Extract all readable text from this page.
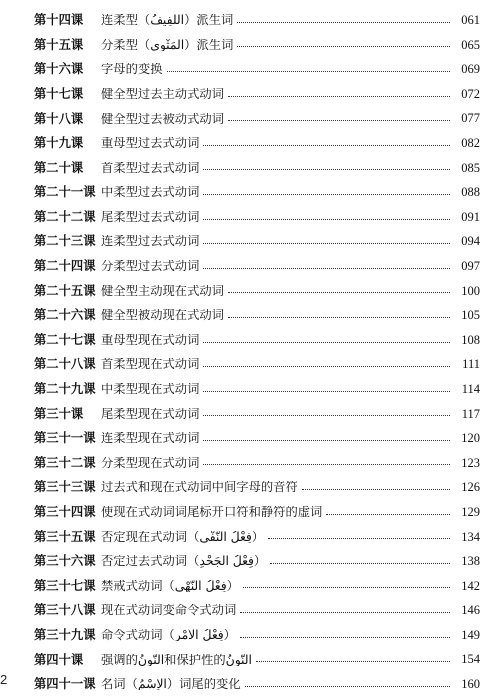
第十四课	连柔型（اَللَّفِيفُ）派生词	061
第十五课	分柔型（اَلْمَثْوِي）派生词	065
第十六课	字母的变换	069
第十七课	健全型过去主动式动词	072
第十八课	健全型过去被动式动词	077
第十九课	重母型过去式动词	082
第二十课	首柔型过去式动词	085
第二十一课 中柔型过去式动词	088
第二十二课 尾柔型过去式动词	091
第二十三课 连柔型过去式动词	094
第二十四课 分柔型过去式动词	097
第二十五课 健全型主动现在式动词	100
第二十六课 健全型被动现在式动词	105
第二十七课 重母型现在式动词	108
第二十八课 首柔型现在式动词	111
第二十九课 中柔型现在式动词	114
第三十课	尾柔型现在式动词	117
第三十一课 连柔型现在式动词	120
第三十二课 分柔型现在式动词	123
第三十三课 过去式和现在式动词中间字母的音符	126
第三十四课 使现在式动词词尾标开口符和静符的虚词	129
第三十五课 否定现在式动词（فِعْلُ النَّفْيِ）	134
第三十六课 否定过去式动词（فِعْلُ الْجَحْدِ）	138
第三十七课 禁戒式动词（فِعْلُ النَّهْيِ）	142
第三十八课 现在式动词变命令式动词	146
第三十九课 命令式动词（فِعْلُ الْأَمْرِ）	149
第四十课	强调的اَلنُّونُ和保护性的اَلنُّونُ	154
第四十一课 名词（اَلْاِسْمُ）词尾的变化	160
2
